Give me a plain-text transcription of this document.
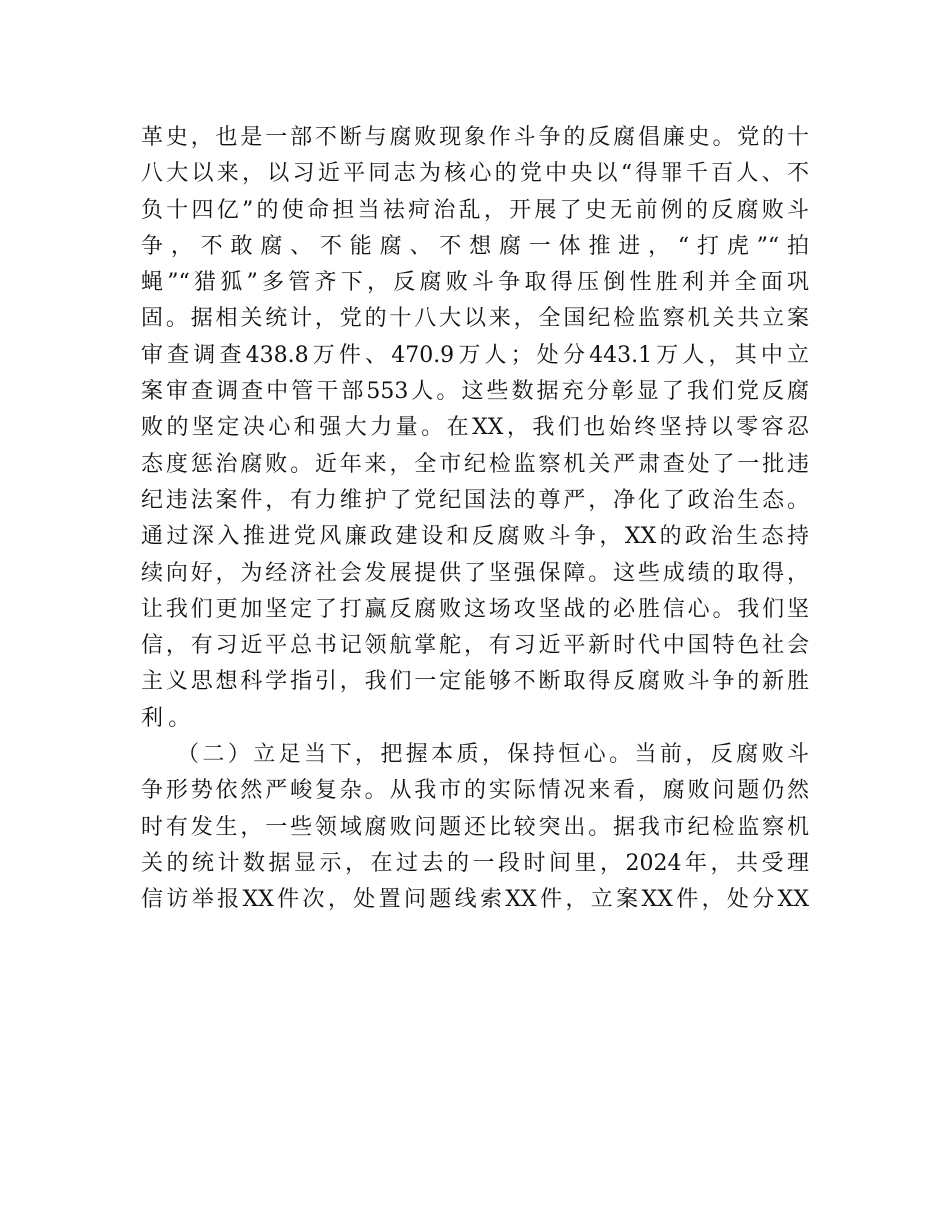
革史，也是一部不断与腐败现象作斗争的反腐倡廉史。党的十
八大以来，以习近平同志为核心的党中央以“得罪千百人、不
负十四亿”的使命担当祛疴治乱，开展了史无前例的反腐败斗
争，不敢腐、不能腐、不想腐一体推进，“打虎”“拍
蝇”“猎狐”多管齐下，反腐败斗争取得压倒性胜利并全面巩
固。据相关统计，党的十八大以来，全国纪检监察机关共立案
审查调查438.8万件、470.9万人；处分443.1万人，其中立
案审查调查中管干部553人。这些数据充分彰显了我们党反腐
败的坚定决心和强大力量。在XX，我们也始终坚持以零容忍
态度惩治腐败。近年来，全市纪检监察机关严肃查处了一批违
纪违法案件，有力维护了党纪国法的尊严，净化了政治生态。
通过深入推进党风廉政建设和反腐败斗争，XX的政治生态持
续向好，为经济社会发展提供了坚强保障。这些成绩的取得，
让我们更加坚定了打赢反腐败这场攻坚战的必胜信心。我们坚
信，有习近平总书记领航掌舵，有习近平新时代中国特色社会
主义思想科学指引，我们一定能够不断取得反腐败斗争的新胜
利。

（二）立足当下，把握本质，保持恒心。当前，反腐败斗
争形势依然严峻复杂。从我市的实际情况来看，腐败问题仍然
时有发生，一些领域腐败问题还比较突出。据我市纪检监察机
关的统计数据显示，在过去的一段时间里，2024年，共受理
信访举报XX件次，处置问题线索XX件，立案XX件，处分XX
